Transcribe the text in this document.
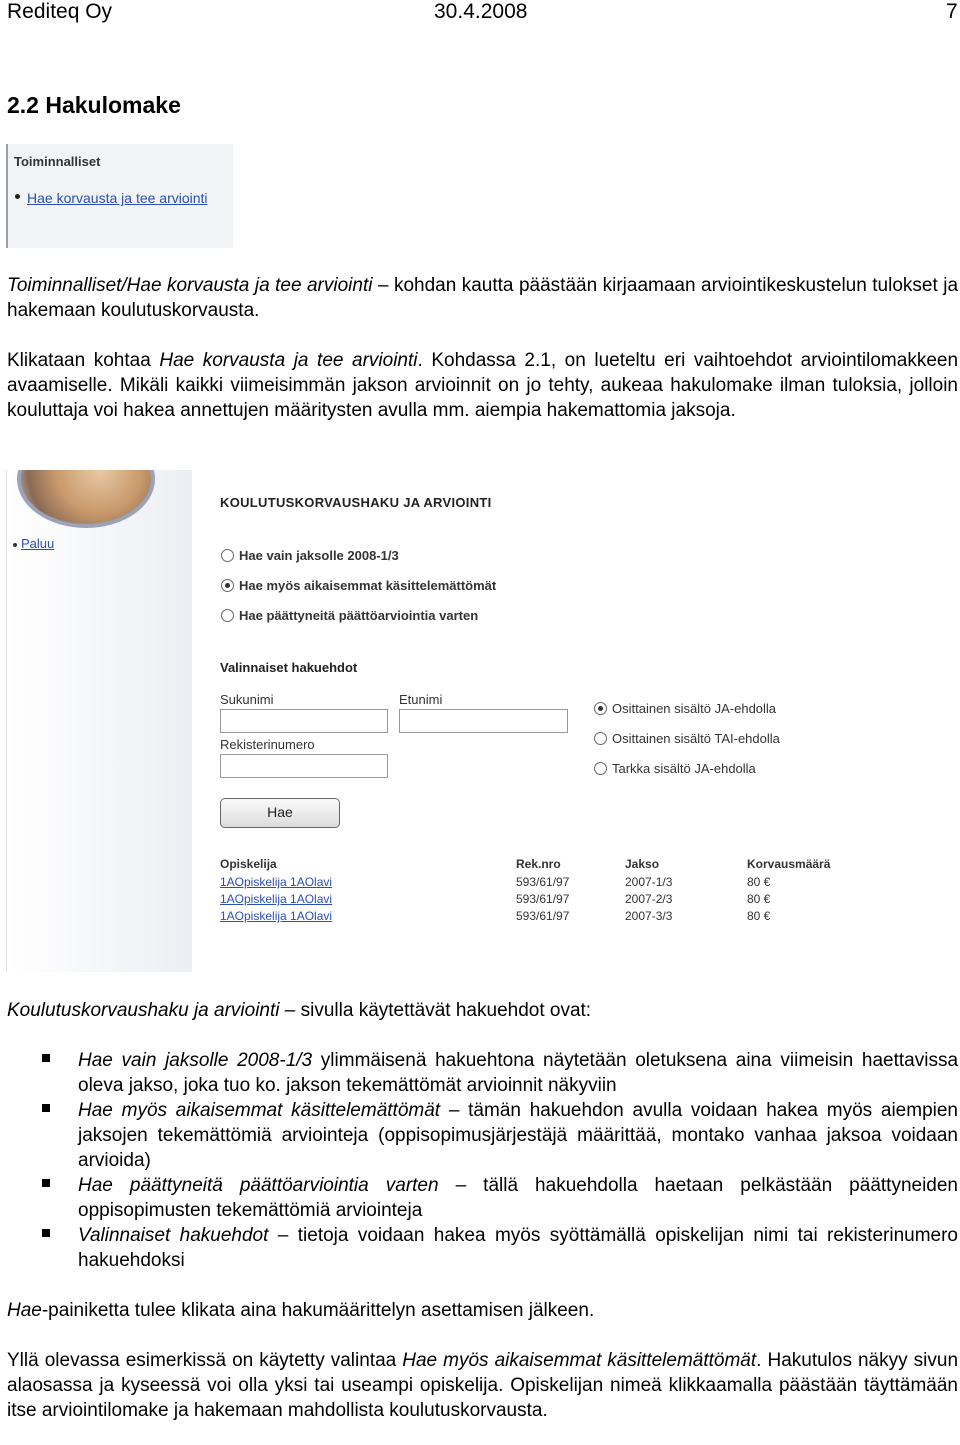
Rediteq Oy	30.4.2008	7
2.2 Hakulomake
Toiminnalliset
Hae korvausta ja tee arviointi
Toiminnalliset/Hae korvausta ja tee arviointi – kohdan kautta päästään kirjaamaan arviointikeskustelun tulokset ja hakemaan koulutuskorvausta.
Klikataan kohtaa Hae korvausta ja tee arviointi. Kohdassa 2.1, on lueteltu eri vaihtoehdot arviointilomakkeen avaamiselle. Mikäli kaikki viimeisimmän jakson arvioinnit on jo tehty, aukeaa hakulomake ilman tuloksia, jolloin kouluttaja voi hakea annettujen määritysten avulla mm. aiempia hakemattomia jaksoja.
Paluu
KOULUTUSKORVAUSHAKU JA ARVIOINTI
Hae vain jaksolle 2008-1/3
Hae myös aikaisemmat käsittelemättömät
Hae päättyneitä päättöarviointia varten
Valinnaiset hakuehdot
Sukunimi	Etunimi
Rekisterinumero
Osittainen sisältö JA-ehdolla
Osittainen sisältö TAI-ehdolla
Tarkka sisältö JA-ehdolla
Hae
Opiskelija	Rek.nro	Jakso	Korvausmäärä
1AOpiskelija 1AOlavi	593/61/97	2007-1/3	80 €
1AOpiskelija 1AOlavi	593/61/97	2007-2/3	80 €
1AOpiskelija 1AOlavi	593/61/97	2007-3/3	80 €
Koulutuskorvaushaku ja arviointi – sivulla käytettävät hakuehdot ovat:
Hae vain jaksolle 2008-1/3 ylimmäisenä hakuehtona näytetään oletuksena aina viimeisin haettavissa oleva jakso, joka tuo ko. jakson tekemättömät arvioinnit näkyviin
Hae myös aikaisemmat käsittelemättömät – tämän hakuehdon avulla voidaan hakea myös aiempien jaksojen tekemättömiä arviointeja (oppisopimusjärjestäjä määrittää, montako vanhaa jaksoa voidaan arvioida)
Hae päättyneitä päättöarviointia varten – tällä hakuehdolla haetaan pelkästään päättyneiden oppisopimusten tekemättömiä arviointeja
Valinnaiset hakuehdot – tietoja voidaan hakea myös syöttämällä opiskelijan nimi tai rekisterinumero hakuehdoksi
Hae-painiketta tulee klikata aina hakumäärittelyn asettamisen jälkeen.
Yllä olevassa esimerkissä on käytetty valintaa Hae myös aikaisemmat käsittelemättömät. Hakutulos näkyy sivun alaosassa ja kyseessä voi olla yksi tai useampi opiskelija. Opiskelijan nimeä klikkaamalla päästään täyttämään itse arviointilomake ja hakemaan mahdollista koulutuskorvausta.
